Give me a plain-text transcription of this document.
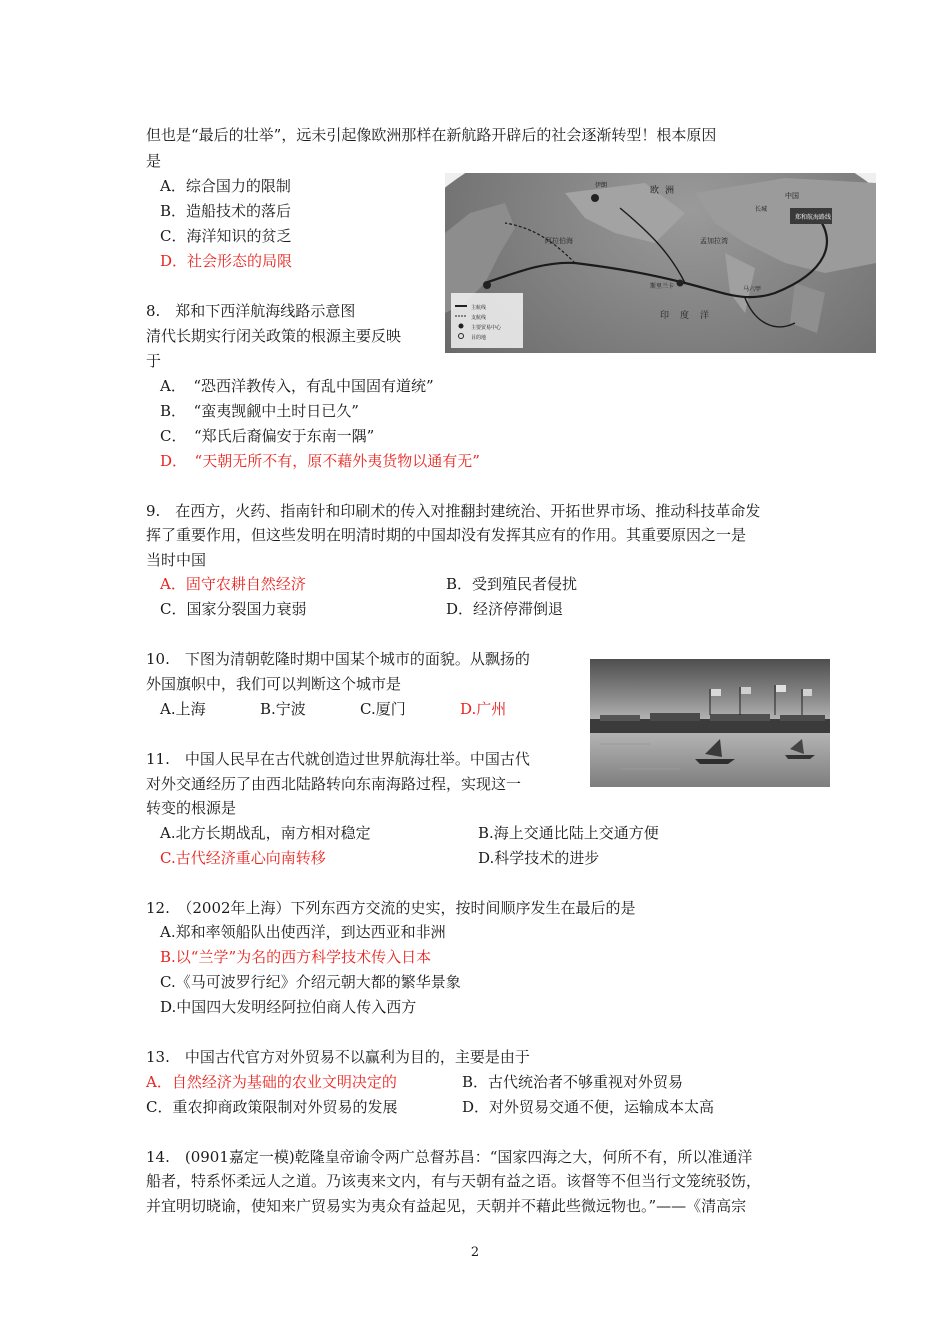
但也是“最后的壮举”，远未引起像欧洲那样在新航路开辟后的社会逐渐转型！根本原因
是
A．综合国力的限制
B．造船技术的落后
C．海洋知识的贫乏
D．社会形态的局限
郑和航海路线
中国
长城
欧 洲
伊朗
阿拉伯海	孟加拉湾
印 度 洋
斯里兰卡	马六甲
主航线
支航线
主要贸易中心
目的地
8.　郑和下西洋航海线路示意图
清代长期实行闭关政策的根源主要反映
于
A．　“恐西洋教传入，有乱中国固有道统”
B．　“蛮夷觊觎中土时日已久”
C．　“郑氏后裔偏安于东南一隅”
D．　“天朝无所不有，原不藉外夷货物以通有无”
9.　在西方，火药、指南针和印刷术的传入对推翻封建统治、开拓世界市场、推动科技革命发
挥了重要作用，但这些发明在明清时期的中国却没有发挥其应有的作用。其重要原因之一是
当时中国
A．固守农耕自然经济	B．受到殖民者侵扰
C．国家分裂国力衰弱	D．经济停滞倒退
10.　下图为清朝乾隆时期中国某个城市的面貌。从飘扬的
外国旗帜中，我们可以判断这个城市是
A.上海	B.宁波	C.厦门	D.广州
11.　中国人民早在古代就创造过世界航海壮举。中国古代
对外交通经历了由西北陆路转向东南海路过程，实现这一
转变的根源是
A.北方长期战乱，南方相对稳定	B.海上交通比陆上交通方便
C.古代经济重心向南转移	D.科学技术的进步
12.　（2002年上海）下列东西方交流的史实，按时间顺序发生在最后的是
A.郑和率领船队出使西洋，到达西亚和非洲
B.以“兰学”为名的西方科学技术传入日本
C.《马可波罗行纪》介绍元朝大都的繁华景象
D.中国四大发明经阿拉伯商人传入西方
13.　中国古代官方对外贸易不以赢利为目的，主要是由于
A．自然经济为基础的农业文明决定的	B．古代统治者不够重视对外贸易
C．重农抑商政策限制对外贸易的发展	D．对外贸易交通不便，运输成本太高
14.　(0901嘉定一模)乾隆皇帝谕令两广总督苏昌：“国家四海之大，何所不有，所以准通洋
船者，特系怀柔远人之道。乃该夷来文内，有与天朝有益之语。该督等不但当行文笼统驳饬，
并宜明切晓谕，使知来广贸易实为夷众有益起见，天朝并不藉此些微远物也。”——《清高宗
2
